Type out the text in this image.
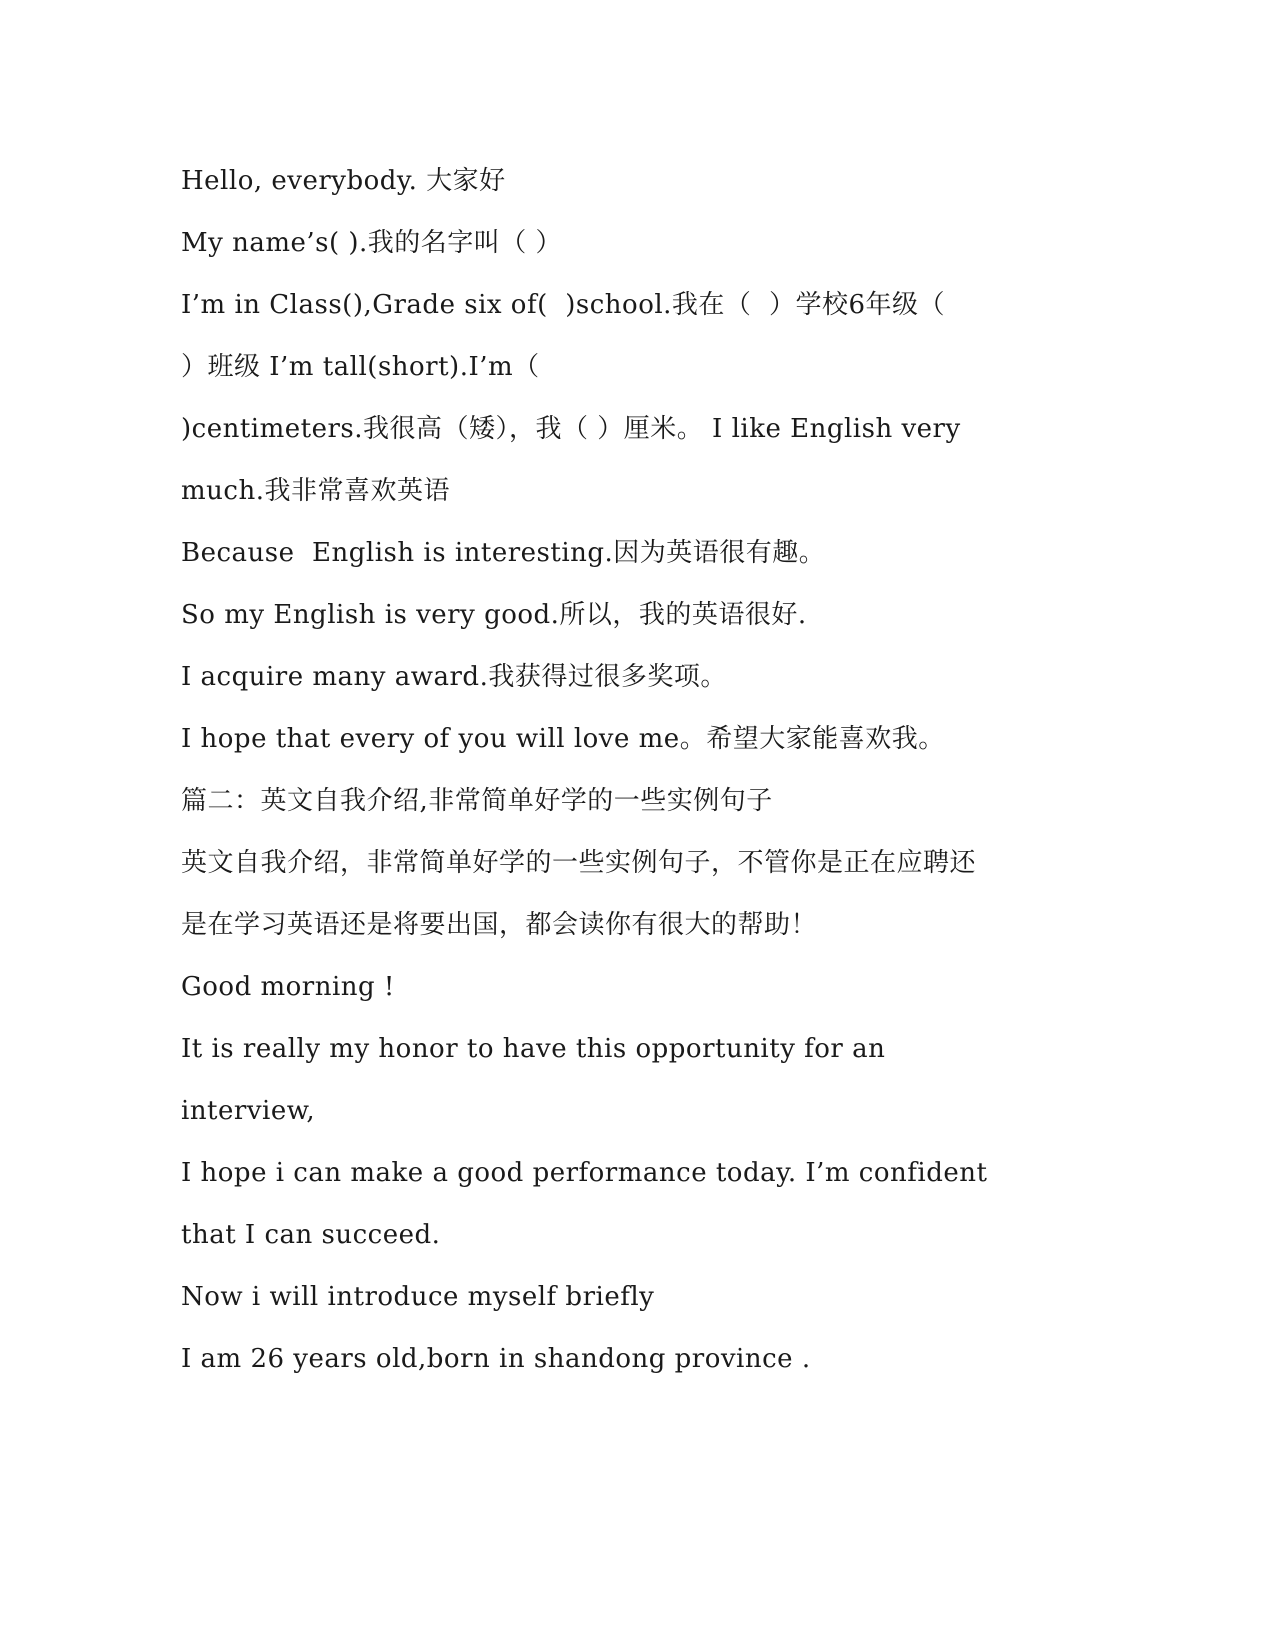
Hello, everybody. 大家好
My name’s( ).我的名字叫（ ）
I’m in Class(),Grade six of(  )school.我在（  ）学校6年级（
）班级 I’m tall(short).I’m（
)centimeters.我很高（矮），我（ ）厘米。 I like English very
much.我非常喜欢英语
Because  English is interesting.因为英语很有趣。
So my English is very good.所以，我的英语很好.
I acquire many award.我获得过很多奖项。
I hope that every of you will love me。希望大家能喜欢我。
篇二：英文自我介绍,非常简单好学的一些实例句子
英文自我介绍，非常简单好学的一些实例句子，不管你是正在应聘还
是在学习英语还是将要出国，都会读你有很大的帮助！
Good morning !
It is really my honor to have this opportunity for an
interview,
I hope i can make a good performance today. I’m confident
that I can succeed.
Now i will introduce myself briefly
I am 26 years old,born in shandong province .
